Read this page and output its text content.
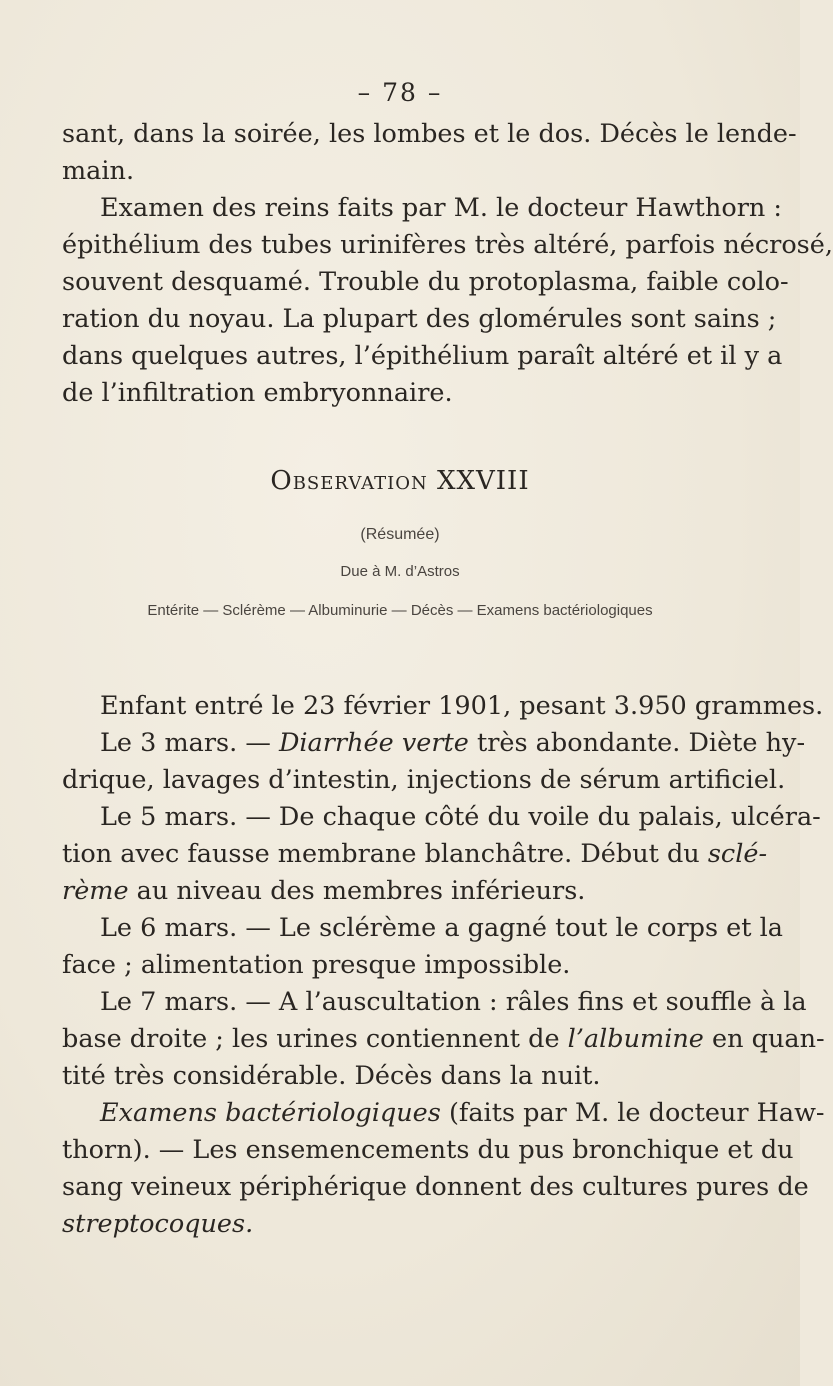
– 78 –
sant, dans la soirée, les lombes et le dos. Décès le lende-
main.
Examen des reins faits par M. le docteur Hawthorn :
épithélium des tubes urinifères très altéré, parfois nécrosé,
souvent desquamé. Trouble du protoplasma, faible colo-
ration du noyau. La plupart des glomérules sont sains ;
dans quelques autres, l’épithélium paraît altéré et il y a
de l’infiltration embryonnaire.
Observation XXVIII
(Résumée)
Due à M. d’Astros
Entérite — Sclérème — Albuminurie — Décès — Examens bactériologiques
Enfant entré le 23 février 1901, pesant 3.950 grammes.
Le 3 mars. — Diarrhée verte très abondante. Diète hy-
drique, lavages d’intestin, injections de sérum artificiel.
Le 5 mars. — De chaque côté du voile du palais, ulcéra-
tion avec fausse membrane blanchâtre. Début du sclé-
rème au niveau des membres inférieurs.
Le 6 mars. — Le sclérème a gagné tout le corps et la
face ; alimentation presque impossible.
Le 7 mars. — A l’auscultation : râles fins et souffle à la
base droite ; les urines contiennent de l’albumine en quan-
tité très considérable. Décès dans la nuit.
Examens bactériologiques (faits par M. le docteur Haw-
thorn). — Les ensemencements du pus bronchique et du
sang veineux périphérique donnent des cultures pures de
streptocoques.
